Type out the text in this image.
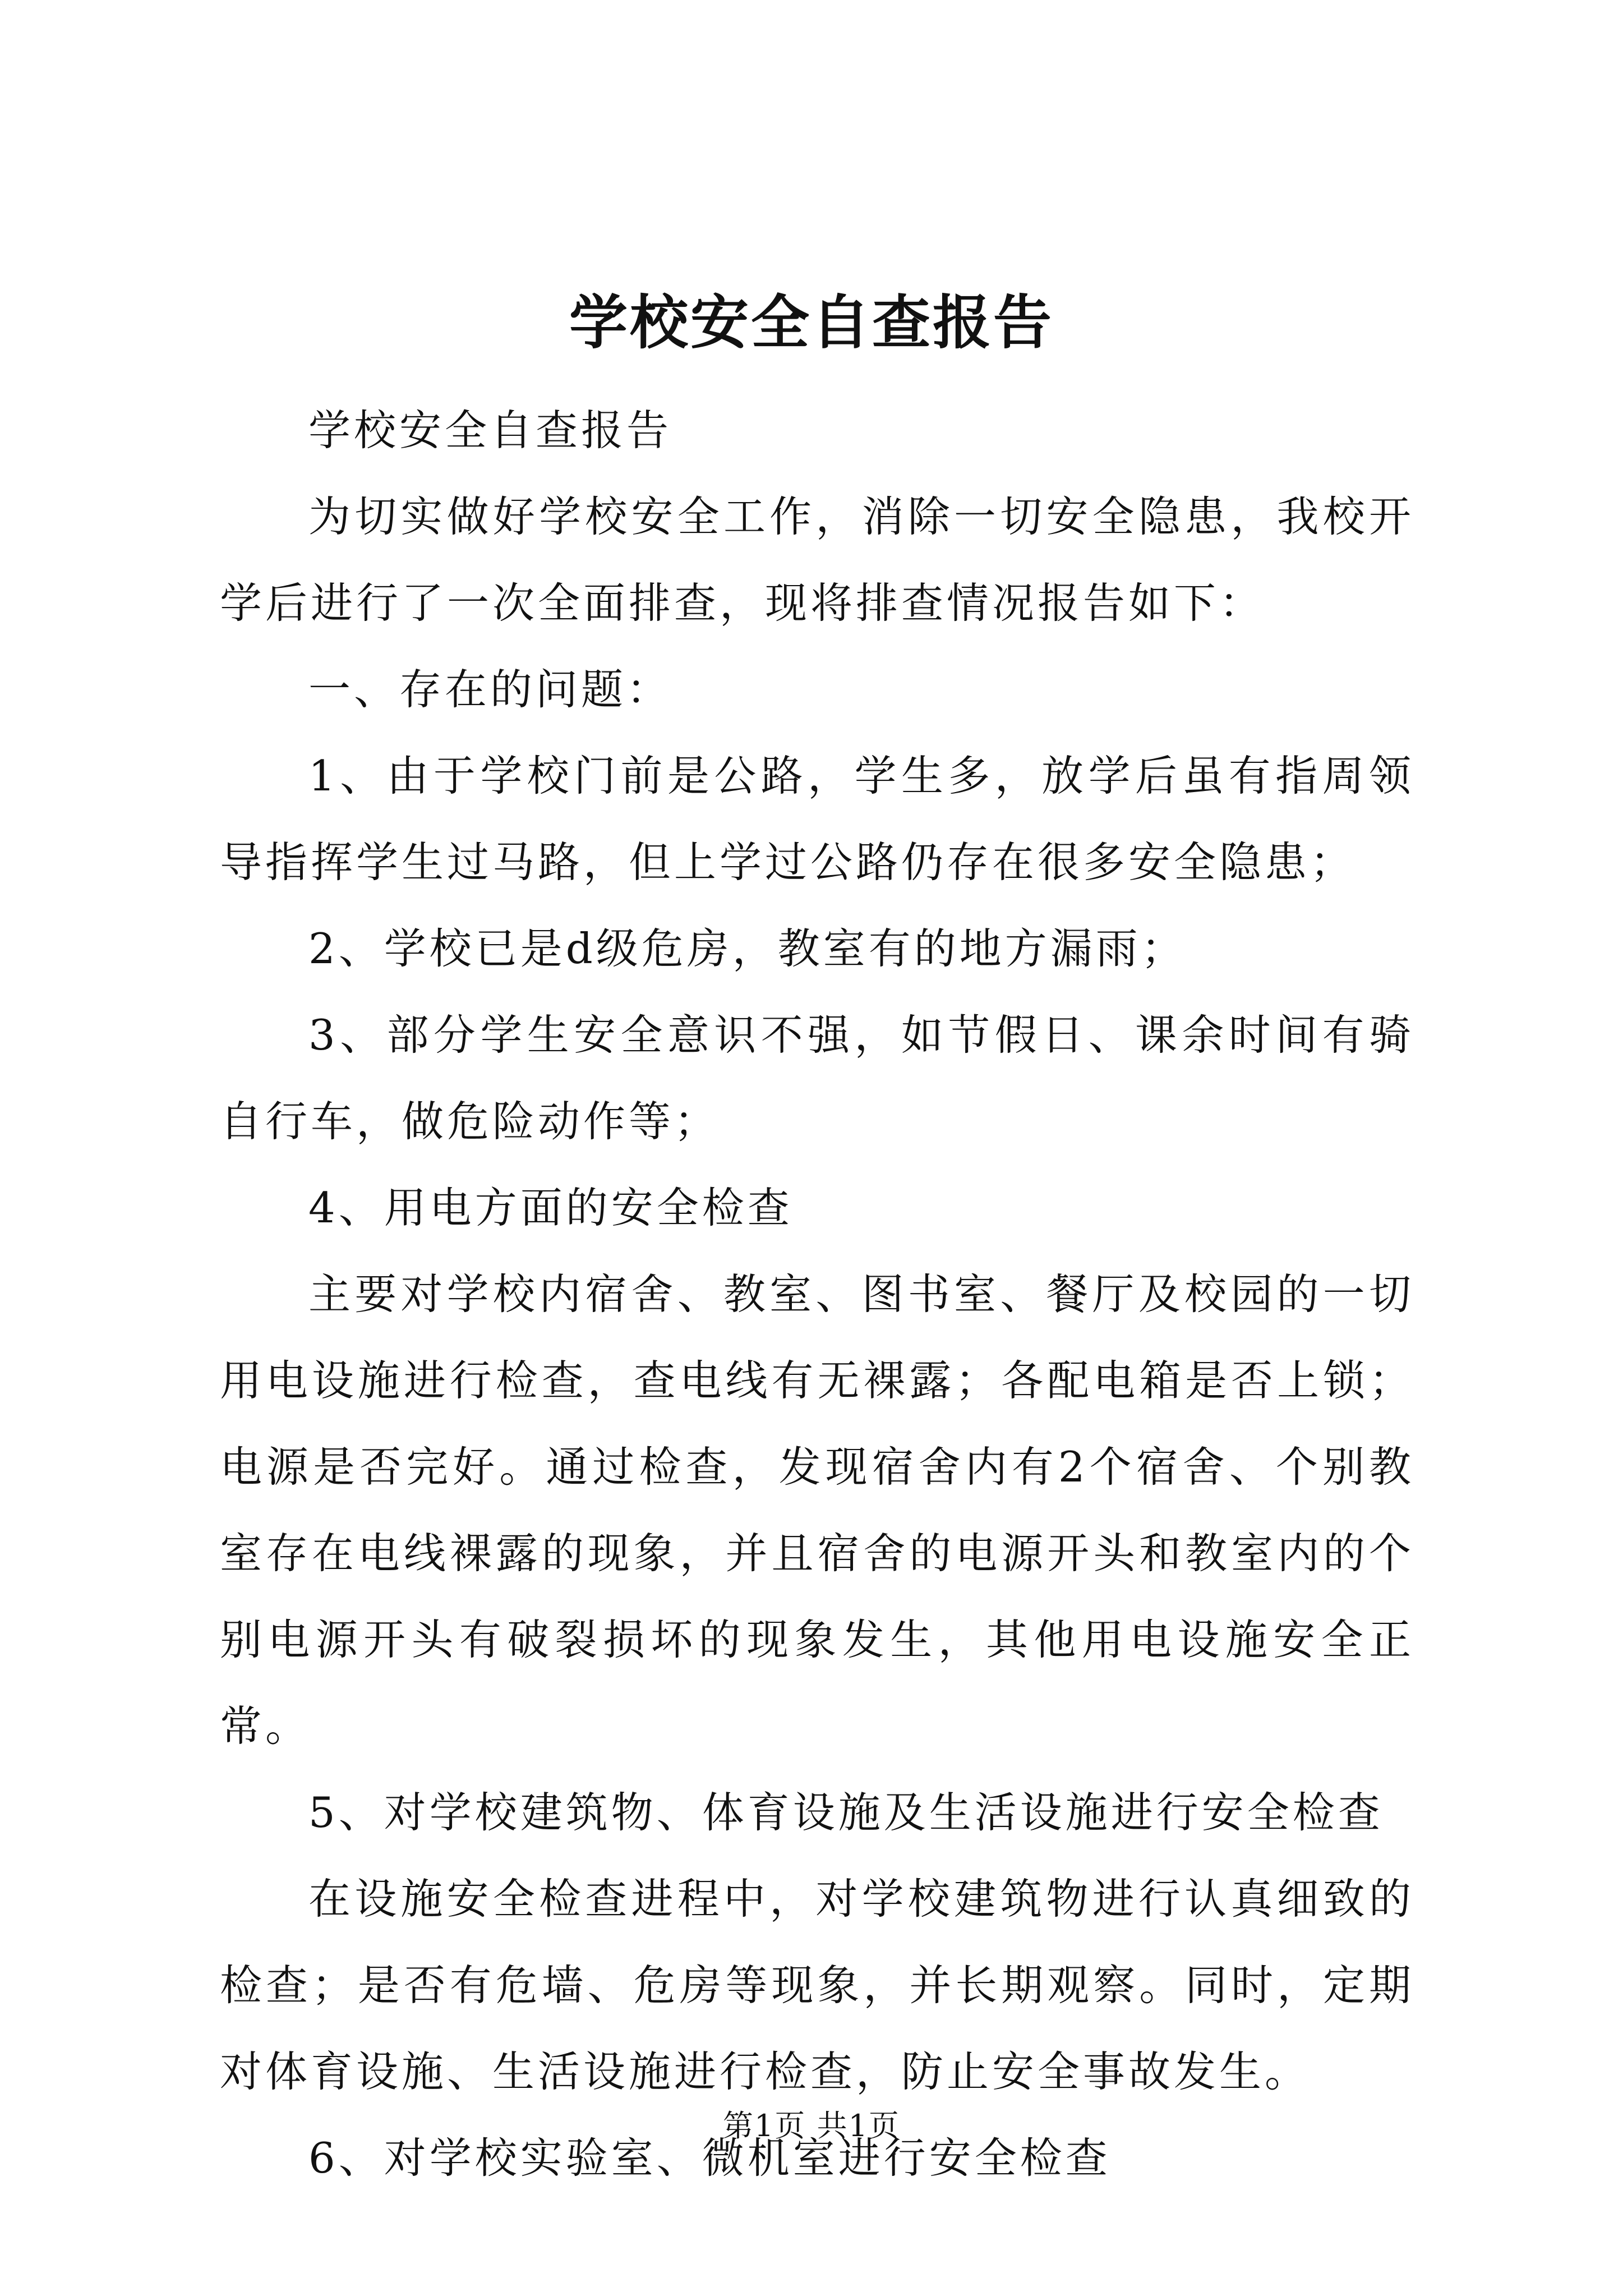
学校安全自查报告

学校安全自查报告

为切实做好学校安全工作，消除一切安全隐患，我校开学后进行了一次全面排查，现将排查情况报告如下：

一、存在的问题：

1、由于学校门前是公路，学生多，放学后虽有指周领导指挥学生过马路，但上学过公路仍存在很多安全隐患；

2、学校已是d级危房，教室有的地方漏雨；

3、部分学生安全意识不强，如节假日、课余时间有骑自行车，做危险动作等；

4、用电方面的安全检查

主要对学校内宿舍、教室、图书室、餐厅及校园的一切用电设施进行检查，查电线有无裸露；各配电箱是否上锁；电源是否完好。通过检查，发现宿舍内有2个宿舍、个别教室存在电线裸露的现象，并且宿舍的电源开头和教室内的个别电源开头有破裂损坏的现象发生，其他用电设施安全正常。

5、对学校建筑物、体育设施及生活设施进行安全检查

在设施安全检查进程中，对学校建筑物进行认真细致的检查；是否有危墙、危房等现象，并长期观察。同时，定期对体育设施、生活设施进行检查，防止安全事故发生。

6、对学校实验室、微机室进行安全检查

第1页 共1页
